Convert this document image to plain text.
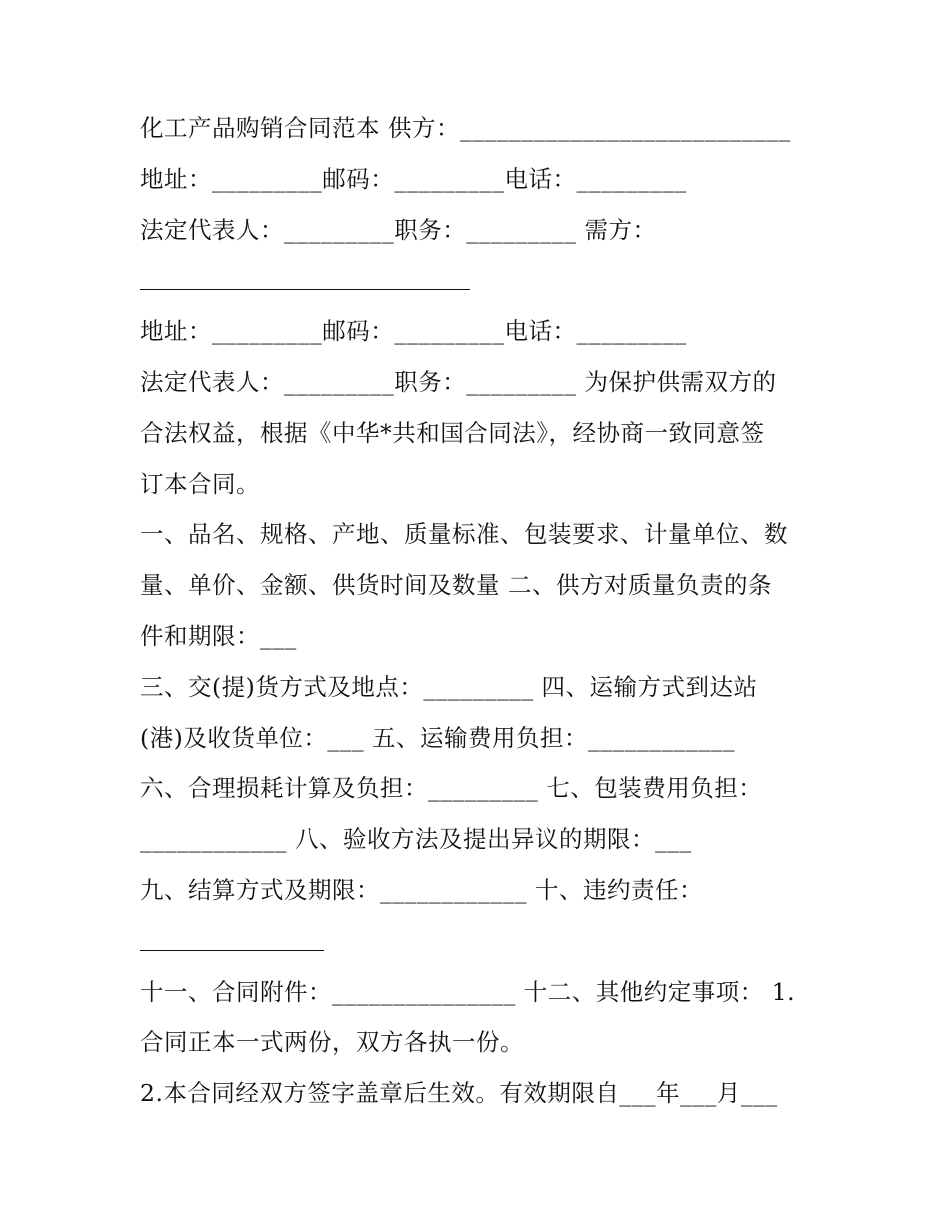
化工产品购销合同范本 供方：___________________________
地址：_________邮码：_________电话：_________
法定代表人：_________职务：_________ 需方：

地址：_________邮码：_________电话：_________
法定代表人：_________职务：_________ 为保护供需双方的
合法权益，根据《中华*共和国合同法》，经协商一致同意签
订本合同。
一、品名、规格、产地、质量标准、包装要求、计量单位、数
量、单价、金额、供货时间及数量 二、供方对质量负责的条
件和期限：___
三、交(提)货方式及地点：_________ 四、运输方式到达站
(港)及收货单位：___ 五、运输费用负担：____________
六、合理损耗计算及负担：_________ 七、包装费用负担：
____________ 八、验收方法及提出异议的期限：___
九、结算方式及期限：____________ 十、违约责任：

十一、合同附件：_______________ 十二、其他约定事项： 1.
合同正本一式两份，双方各执一份。
2.本合同经双方签字盖章后生效。有效期限自___年___月___
